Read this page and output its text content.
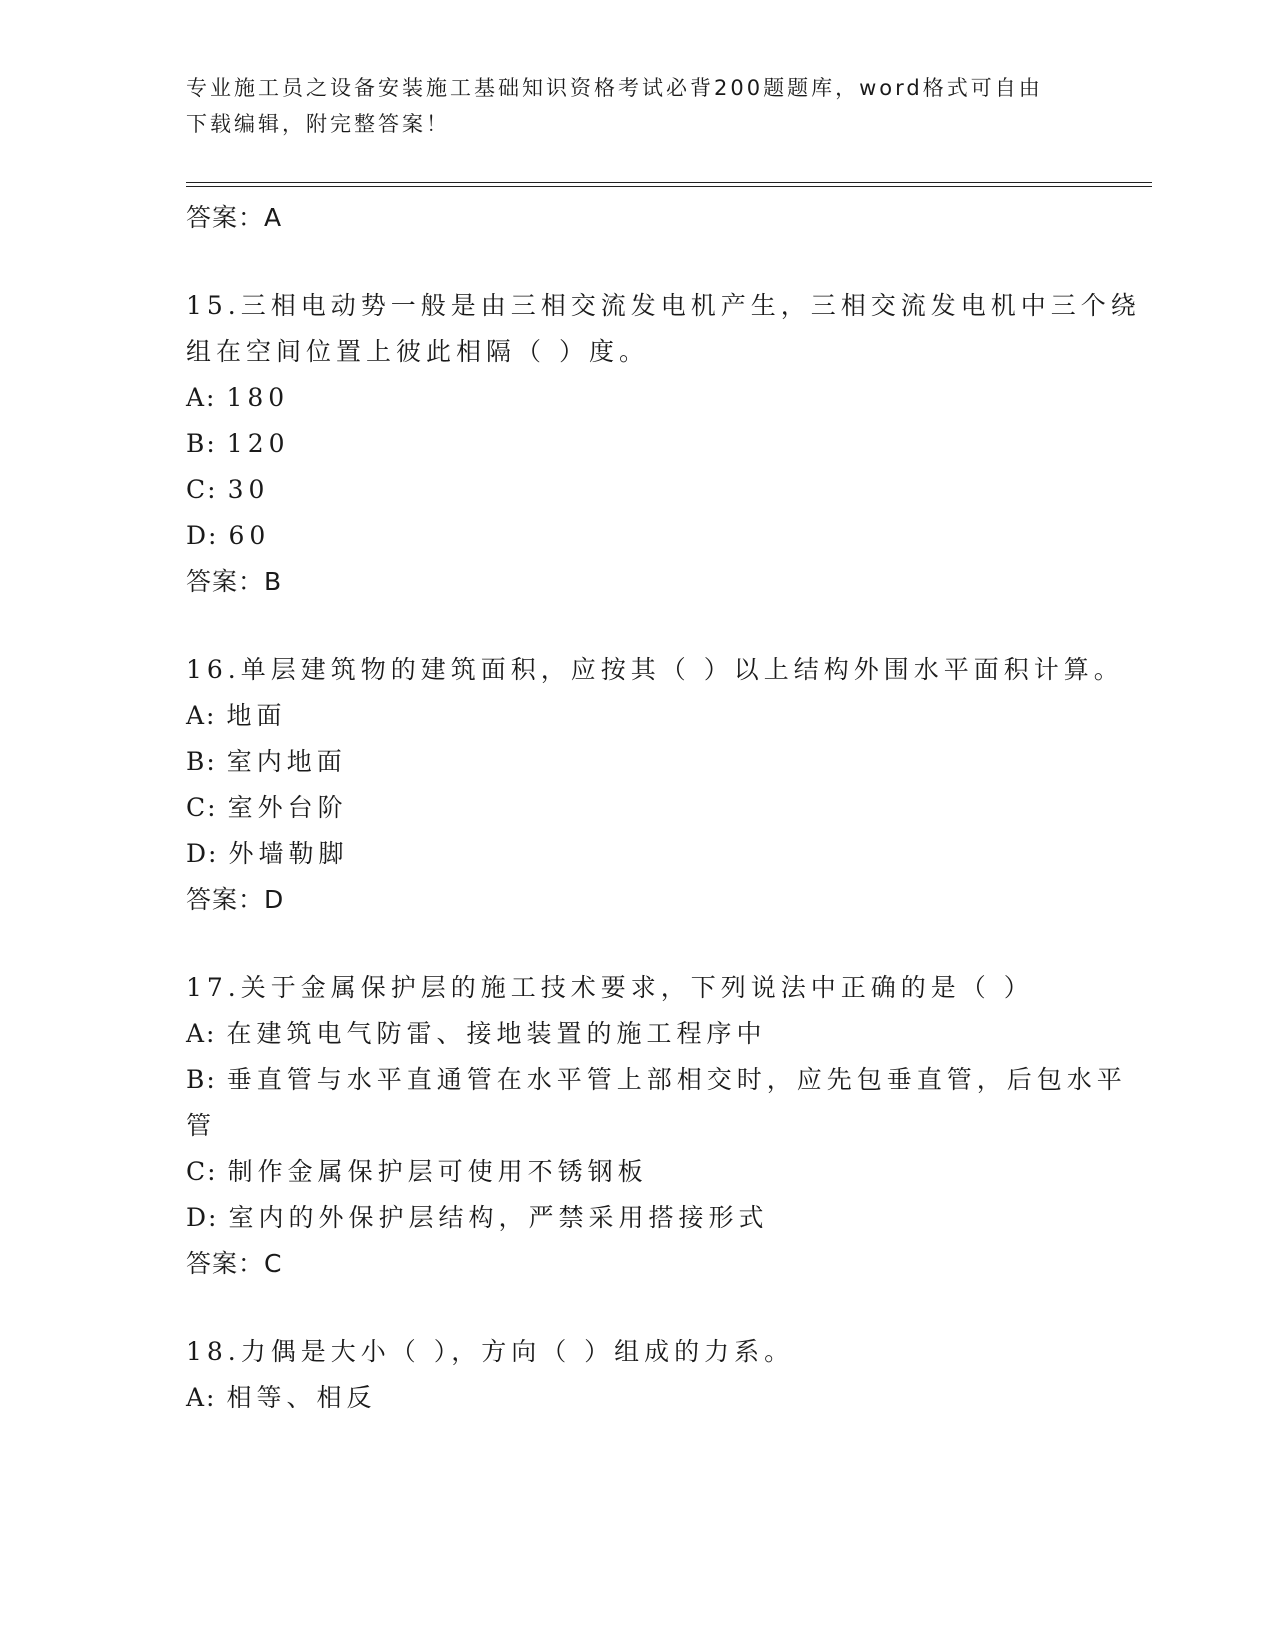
专业施工员之设备安装施工基础知识资格考试必背200题题库，word格式可自由下载编辑，附完整答案！
答案：A
15.三相电动势一般是由三相交流发电机产生，三相交流发电机中三个绕组在空间位置上彼此相隔（ ）度。
A: 180
B: 120
C: 30
D: 60
答案：B
16.单层建筑物的建筑面积，应按其（ ）以上结构外围水平面积计算。
A: 地面
B: 室内地面
C: 室外台阶
D: 外墙勒脚
答案：D
17.关于金属保护层的施工技术要求，下列说法中正确的是（ ）
A: 在建筑电气防雷、接地装置的施工程序中
B: 垂直管与水平直通管在水平管上部相交时，应先包垂直管，后包水平管
C: 制作金属保护层可使用不锈钢板
D: 室内的外保护层结构，严禁采用搭接形式
答案：C
18.力偶是大小（ ），方向（ ）组成的力系。
A: 相等、相反
